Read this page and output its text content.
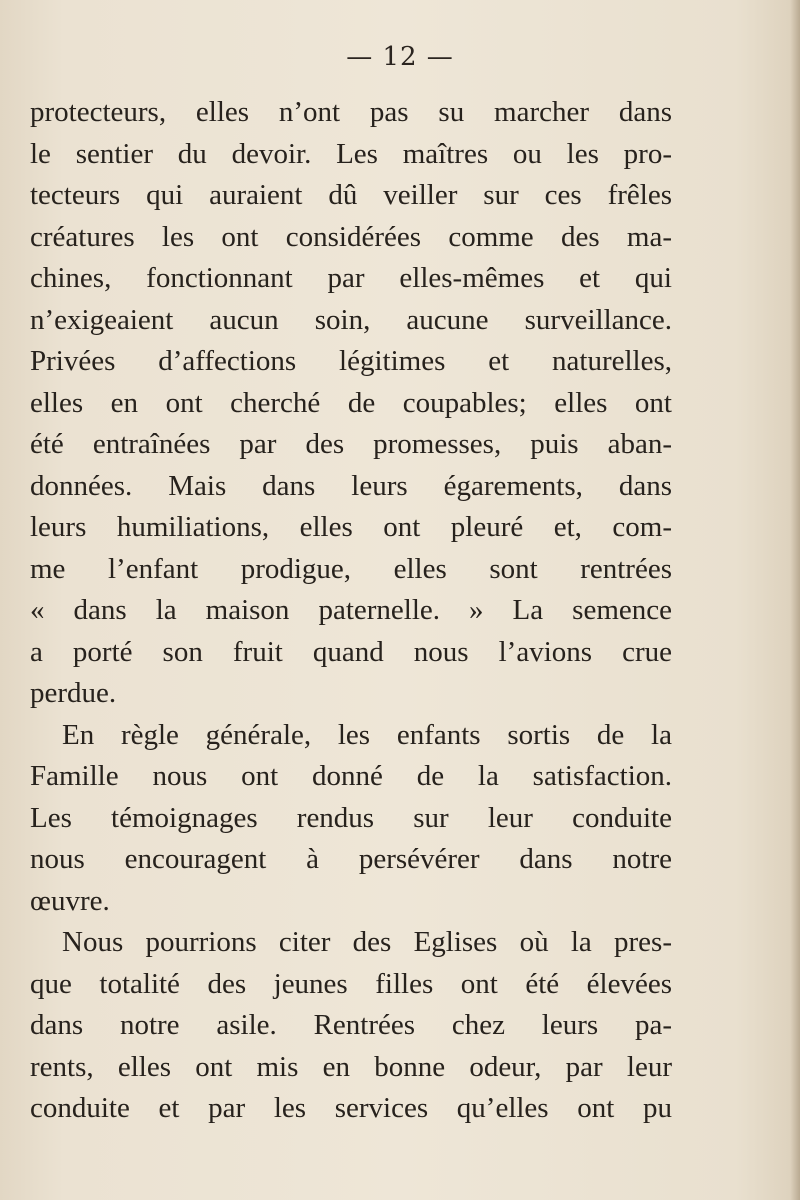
— 12 —
protecteurs, elles n’ont pas su marcher dans
le sentier du devoir. Les maîtres ou les pro-
tecteurs qui auraient dû veiller sur ces frêles
créatures les ont considérées comme des ma-
chines, fonctionnant par elles-mêmes et qui
n’exigeaient aucun soin, aucune surveillance.
Privées d’affections légitimes et naturelles,
elles en ont cherché de coupables; elles ont
été entraînées par des promesses, puis aban-
données. Mais dans leurs égarements, dans
leurs humiliations, elles ont pleuré et, com-
me l’enfant prodigue, elles sont rentrées
« dans la maison paternelle. » La semence
a porté son fruit quand nous l’avions crue
perdue.
En règle générale, les enfants sortis de la
Famille nous ont donné de la satisfaction.
Les témoignages rendus sur leur conduite
nous encouragent à persévérer dans notre
œuvre.
Nous pourrions citer des Eglises où la pres-
que totalité des jeunes filles ont été élevées
dans notre asile. Rentrées chez leurs pa-
rents, elles ont mis en bonne odeur, par leur
conduite et par les services qu’elles ont pu
